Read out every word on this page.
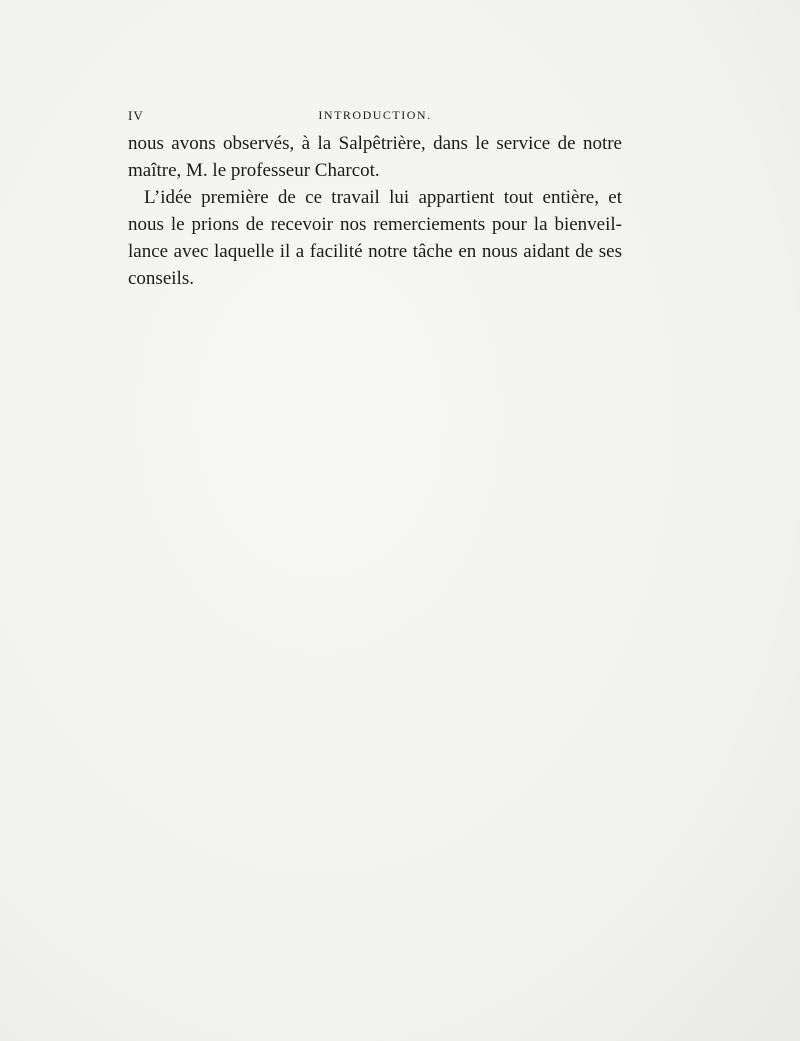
IV	INTRODUCTION.
nous avons observés, à la Salpêtrière, dans le service de notre
maître, M. le professeur Charcot.
L’idée première de ce travail lui appartient tout entière, et
nous le prions de recevoir nos remerciements pour la bienveil-
lance avec laquelle il a facilité notre tâche en nous aidant de ses
conseils.
